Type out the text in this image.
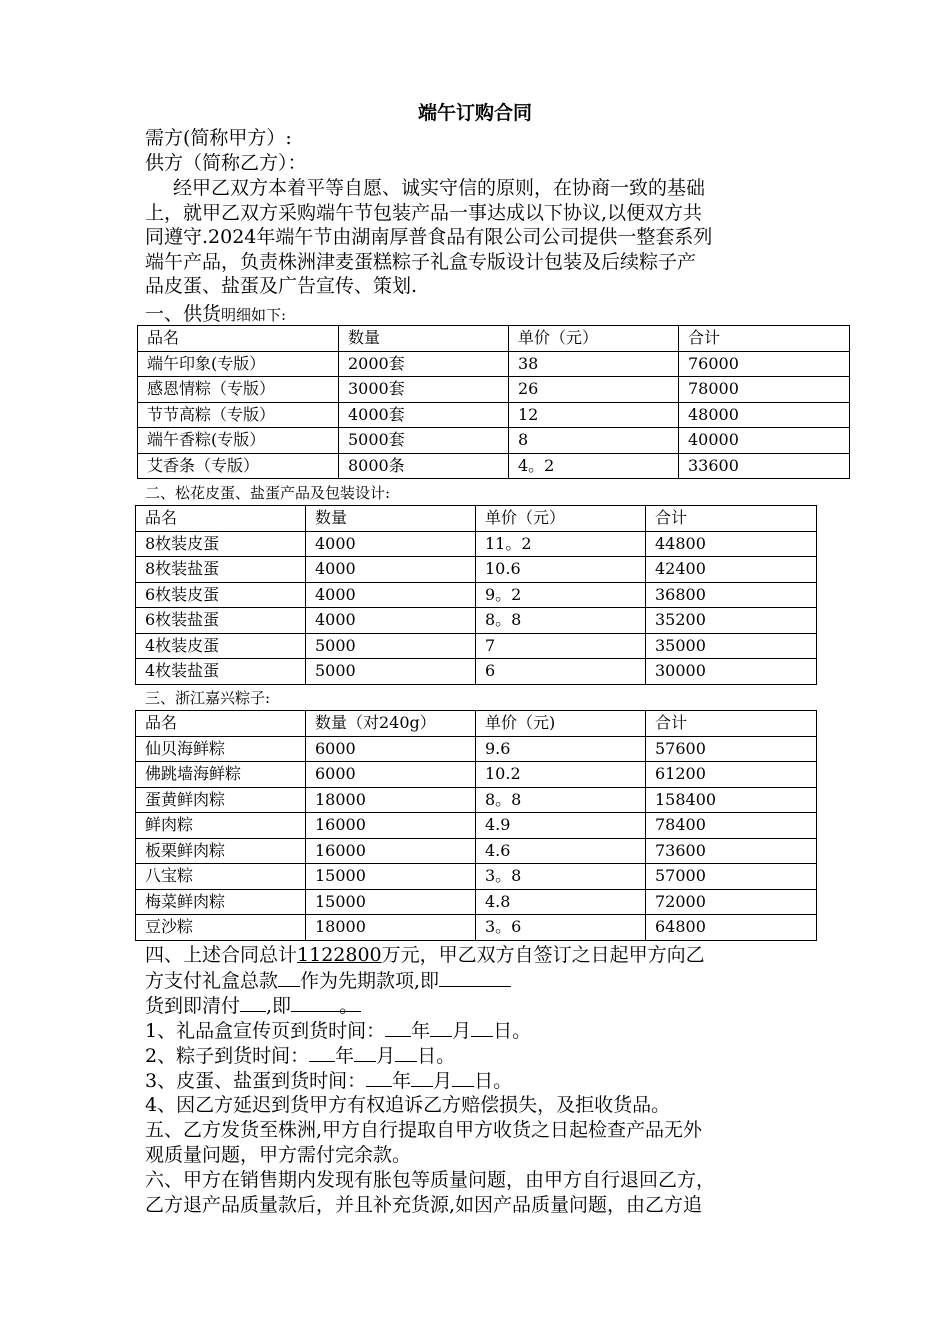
端午订购合同
需方(简称甲方）:
供方（简称乙方）：
经甲乙双方本着平等自愿、诚实守信的原则，在协商一致的基础
上，就甲乙双方采购端午节包装产品一事达成以下协议,以便双方共
同遵守.2024年端午节由湖南厚普食品有限公司公司提供一整套系列
端午产品，负责株洲津麦蛋糕粽子礼盒专版设计包装及后续粽子产
品皮蛋、盐蛋及广告宣传、策划.
一、供货明细如下:
品名	数量	单价（元）	合计
端午印象(专版）	2000套	38	76000
感恩情粽（专版）	3000套	26	78000
节节高粽（专版）	4000套	12	48000
端午香粽(专版）	5000套	8	40000
艾香条（专版）	8000条	4。2	33600
二、松花皮蛋、盐蛋产品及包装设计:
品名	数量	单价（元）	合计
8枚装皮蛋	4000	11。2	44800
8枚装盐蛋	4000	10.6	42400
6枚装皮蛋	4000	9。2	36800
6枚装盐蛋	4000	8。8	35200
4枚装皮蛋	5000	7	35000
4枚装盐蛋	5000	6	30000
三、浙江嘉兴粽子:
品名	数量（对240g）	单价（元)	合计
仙贝海鲜粽	6000	9.6	57600
佛跳墙海鲜粽	6000	10.2	61200
蛋黄鲜肉粽	18000	8。8	158400
鲜肉粽	16000	4.9	78400
板栗鲜肉粽	16000	4.6	73600
八宝粽	15000	3。8	57000
梅菜鲜肉粽	15000	4.8	72000
豆沙粽	18000	3。6	64800
四、上述合同总计1122800万元，甲乙双方自签订之日起甲方向乙
方支付礼盒总款 作为先期款项,即
货到即清付 ,即	。
1、礼品盒宣传页到货时间： 年 月 日。
2、粽子到货时间： 年 月 日。
3、皮蛋、盐蛋到货时间： 年 月 日。
4、因乙方延迟到货甲方有权追诉乙方赔偿损失，及拒收货品。
五、乙方发货至株洲,甲方自行提取自甲方收货之日起检查产品无外
观质量问题，甲方需付完余款。
六、甲方在销售期内发现有胀包等质量问题，由甲方自行退回乙方，
乙方退产品质量款后，并且补充货源,如因产品质量问题，由乙方追
